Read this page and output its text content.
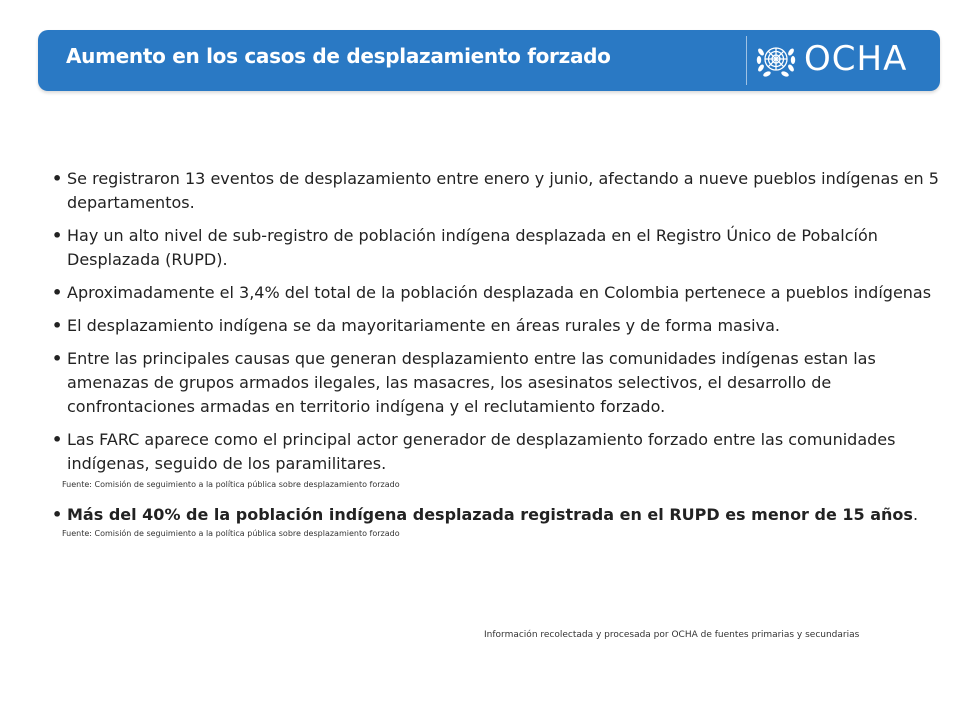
Aumento en los casos de desplazamiento forzado	OCHA
• Se registraron 13 eventos de desplazamiento entre enero y junio, afectando a nueve pueblos indígenas en 5 departamentos.
• Hay un alto nivel de sub-registro de población indígena desplazada en el Registro Único de Pobalcíón Desplazada (RUPD).
• Aproximadamente el 3,4% del total de la población desplazada en Colombia pertenece a pueblos indígenas
• El desplazamiento indígena se da mayoritariamente en áreas rurales y de forma masiva.
• Entre las principales causas que generan desplazamiento entre las comunidades indígenas estan las amenazas de grupos armados ilegales, las masacres, los asesinatos selectivos, el desarrollo de confrontaciones armadas en territorio indígena y el reclutamiento forzado.
• Las FARC aparece como el principal actor generador de desplazamiento forzado entre las comunidades indígenas, seguido de los paramilitares.
Fuente: Comisión de seguimiento a la política pública sobre desplazamiento forzado
• Más del 40% de la población indígena desplazada registrada en el RUPD es menor de 15 años.
Fuente: Comisión de seguimiento a la política pública sobre desplazamiento forzado
Información recolectada y procesada por OCHA de fuentes primarias y secundarias
